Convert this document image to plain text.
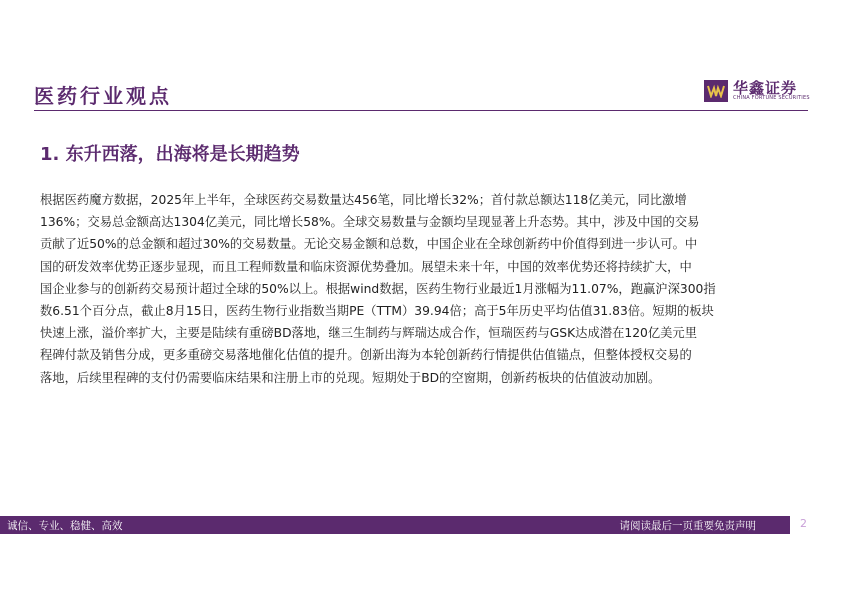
医药行业观点	华鑫证券
CHINA FORTUNE SECURITIES
1. 东升西落，出海将是长期趋势
根据医药魔方数据，2025年上半年，全球医药交易数量达456笔，同比增长32%；首付款总额达118亿美元，同比激增
136%；交易总金额高达1304亿美元，同比增长58%。全球交易数量与金额均呈现显著上升态势。其中，涉及中国的交易
贡献了近50%的总金额和超过30%的交易数量。无论交易金额和总数，中国企业在全球创新药中价值得到进一步认可。中
国的研发效率优势正逐步显现，而且工程师数量和临床资源优势叠加。展望未来十年，中国的效率优势还将持续扩大，中
国企业参与的创新药交易预计超过全球的50%以上。根据wind数据，医药生物行业最近1月涨幅为11.07%，跑赢沪深300指
数6.51个百分点，截止8月15日，医药生物行业指数当期PE（TTM）39.94倍；高于5年历史平均估值31.83倍。短期的板块
快速上涨，溢价率扩大，主要是陆续有重磅BD落地，继三生制药与辉瑞达成合作，恒瑞医药与GSK达成潜在120亿美元里
程碑付款及销售分成，更多重磅交易落地催化估值的提升。创新出海为本轮创新药行情提供估值锚点，但整体授权交易的
落地，后续里程碑的支付仍需要临床结果和注册上市的兑现。短期处于BD的空窗期，创新药板块的估值波动加剧。
诚信、专业、稳健、高效	请阅读最后一页重要免责声明	2
